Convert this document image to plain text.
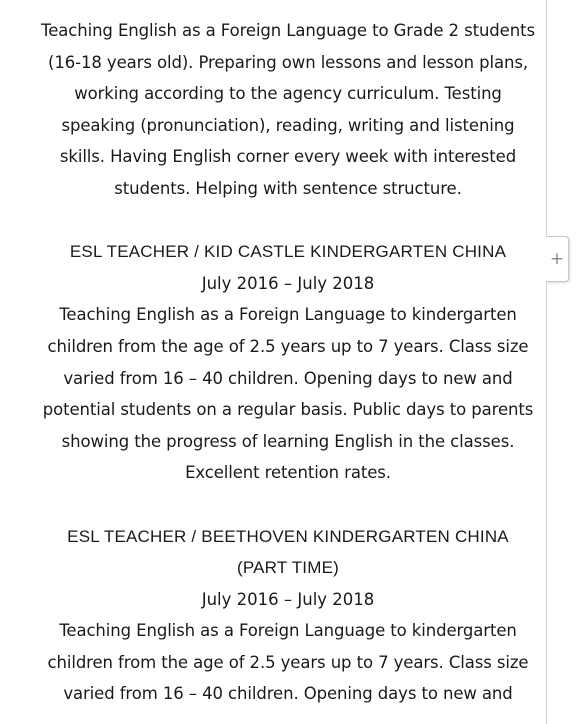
Teaching English as a Foreign Language to Grade 2 students

(16-18 years old). Preparing own lessons and lesson plans,

working according to the agency curriculum. Testing

speaking (pronunciation), reading, writing and listening

skills. Having English corner every week with interested

students. Helping with sentence structure.

ESL TEACHER / KID CASTLE KINDERGARTEN CHINA

July 2016 – July 2018

Teaching English as a Foreign Language to kindergarten

children from the age of 2.5 years up to 7 years. Class size

varied from 16 – 40 children. Opening days to new and

potential students on a regular basis. Public days to parents

showing the progress of learning English in the classes.

Excellent retention rates.

ESL TEACHER / BEETHOVEN KINDERGARTEN CHINA

(PART TIME)

July 2016 – July 2018

Teaching English as a Foreign Language to kindergarten

children from the age of 2.5 years up to 7 years. Class size

varied from 16 – 40 children. Opening days to new and

+
